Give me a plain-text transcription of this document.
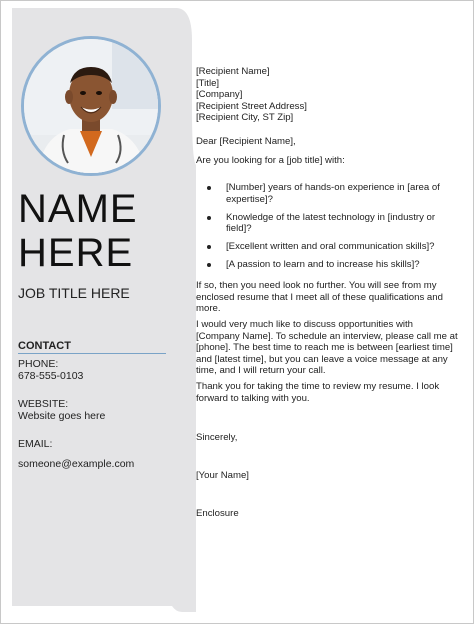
NAME
HERE
JOB TITLE HERE
CONTACT
PHONE:
678-555-0103
WEBSITE:
Website goes here
EMAIL:
someone@example.com
[Recipient Name]
[Title]
[Company]
[Recipient Street Address]
[Recipient City, ST Zip]
Dear [Recipient Name],
Are you looking for a [job title] with:
[Number] years of hands-on experience in [area of expertise]?
Knowledge of the latest technology in [industry or field]?
[Excellent written and oral communication skills]?
[A passion to learn and to increase his skills]?
If so, then you need look no further. You will see from my enclosed resume that I meet all of these qualifications and more.
I would very much like to discuss opportunities with [Company Name]. To schedule an interview, please call me at [phone]. The best time to reach me is between [earliest time] and [latest time], but you can leave a voice message at any time, and I will return your call.
Thank you for taking the time to review my resume. I look forward to talking with you.
Sincerely,
[Your Name]
Enclosure
